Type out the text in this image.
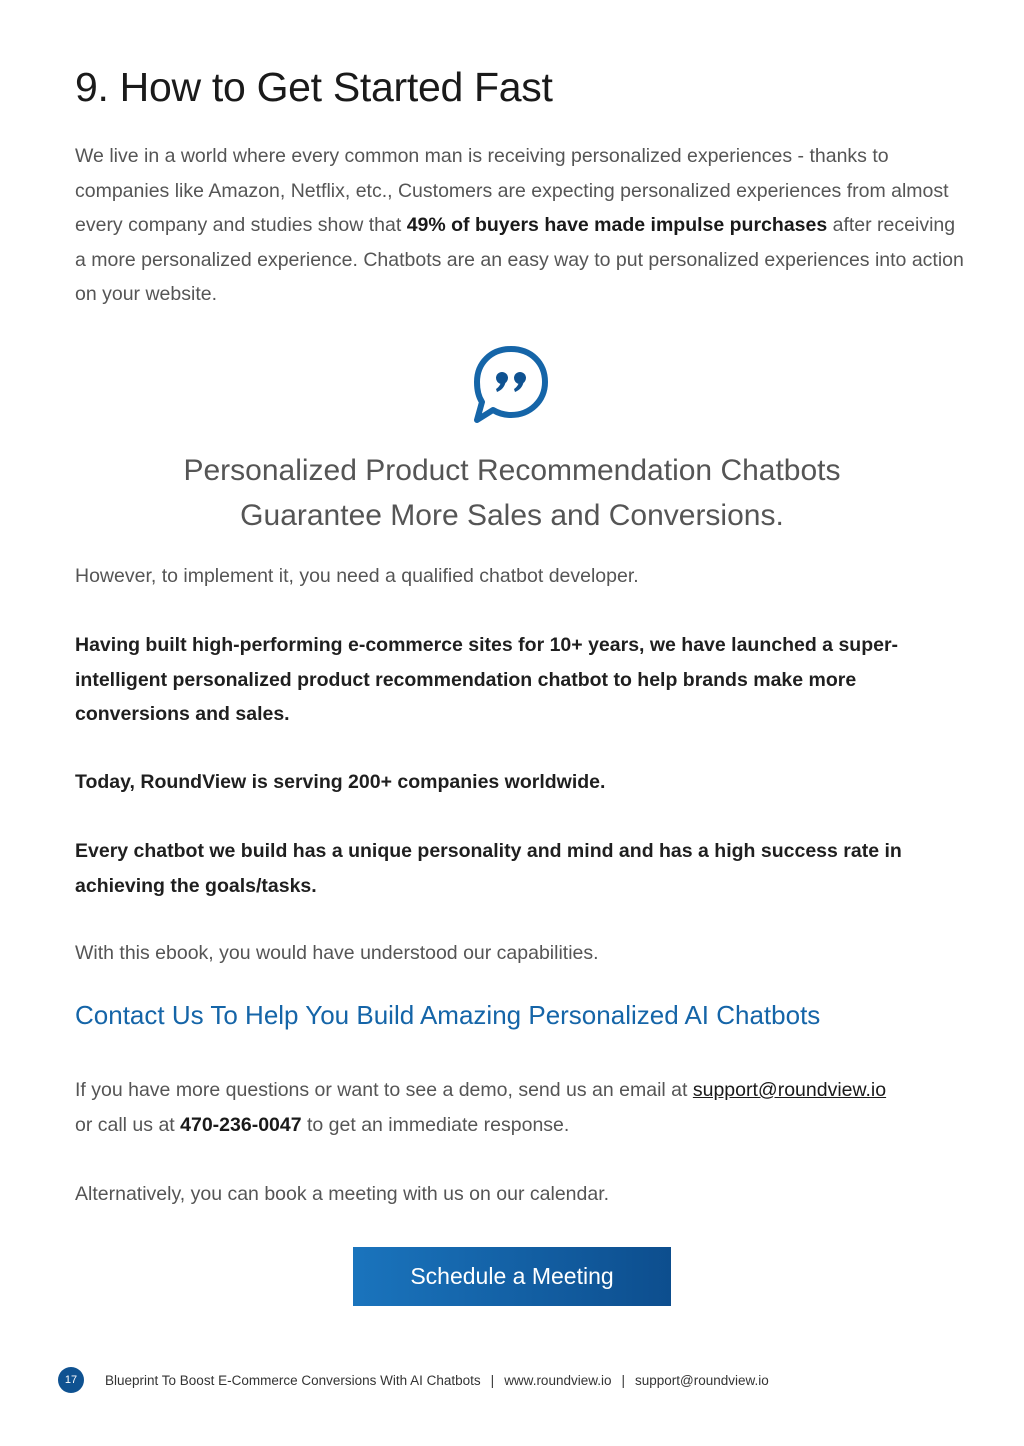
9. How to Get Started Fast

We live in a world where every common man is receiving personalized experiences - thanks to companies like Amazon, Netflix, etc., Customers are expecting personalized experiences from almost every company and studies show that 49% of buyers have made impulse purchases after receiving a more personalized experience. Chatbots are an easy way to put personalized experiences into action on your website.

Personalized Product Recommendation Chatbots
Guarantee More Sales and Conversions.

However, to implement it, you need a qualified chatbot developer.

Having built high-performing e-commerce sites for 10+ years, we have launched a super-intelligent personalized product recommendation chatbot to help brands make more conversions and sales.

Today, RoundView is serving 200+ companies worldwide.

Every chatbot we build has a unique personality and mind and has a high success rate in achieving the goals/tasks.

With this ebook, you would have understood our capabilities.

Contact Us To Help You Build Amazing Personalized AI Chatbots

If you have more questions or want to see a demo, send us an email at support@roundview.io
or call us at 470-236-0047 to get an immediate response.

Alternatively, you can book a meeting with us on our calendar.

Schedule a Meeting
17	Blueprint To Boost E-Commerce Conversions With AI Chatbots | www.roundview.io | support@roundview.io
